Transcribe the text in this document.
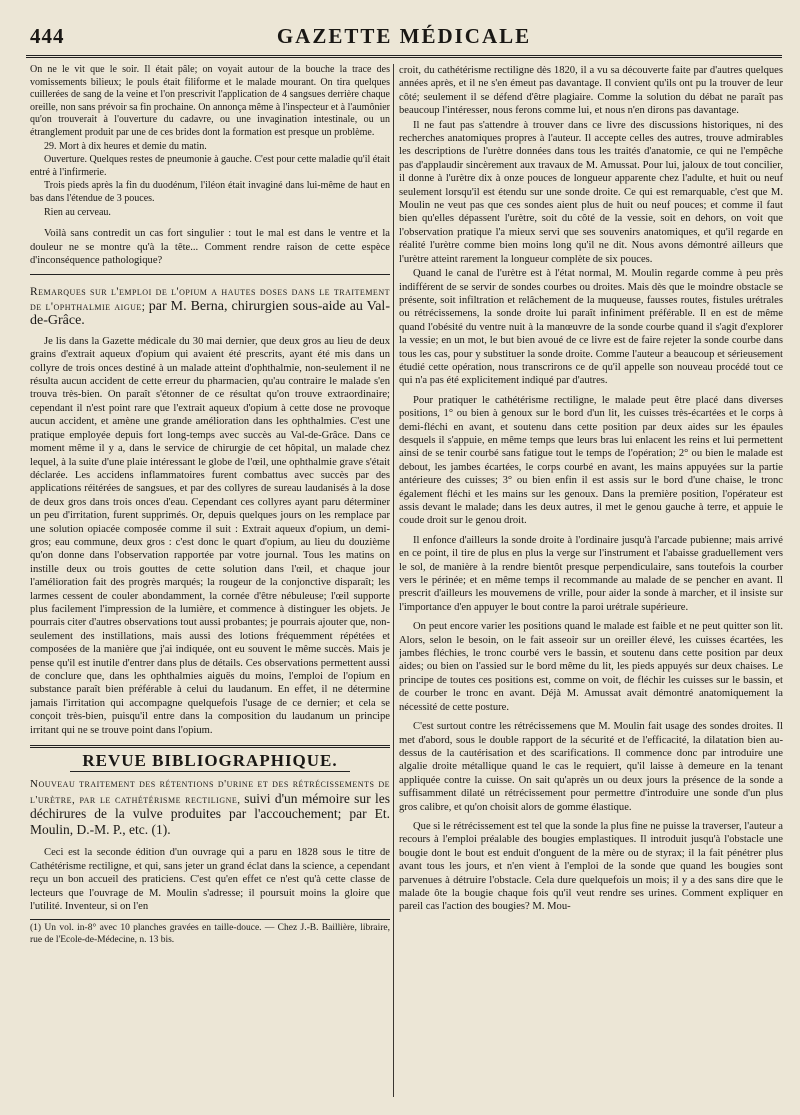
444	GAZETTE MÉDICALE

On ne le vit que le soir. Il était pâle; on voyait autour de la bouche la trace des vomissements bilieux; le pouls était filiforme et le malade mourant. On tira quelques cuillerées de sang de la veine et l'on prescrivit l'application de 4 sangsues derrière chaque oreille, non sans prévoir sa fin prochaine. On annonça même à l'inspecteur et à l'aumônier qu'on trouverait à l'ouverture du cadavre, ou une invagination intestinale, ou un étranglement produit par une de ces brides dont la formation est presque un problème.

29. Mort à dix heures et demie du matin.

Ouverture. Quelques restes de pneumonie à gauche. C'est pour cette maladie qu'il était entré à l'infirmerie.

Trois pieds après la fin du duodénum, l'iléon était invaginé dans lui-même de haut en bas dans l'étendue de 3 pouces.

Rien au cerveau.

Voilà sans contredit un cas fort singulier : tout le mal est dans le ventre et la douleur ne se montre qu'à la tête... Comment rendre raison de cette espèce d'inconséquence pathologique?

Remarques sur l'emploi de l'opium a hautes doses dans le traitement de l'ophthalmie aigue; par M. Berna, chirurgien sous-aide au Val-de-Grâce.

Je lis dans la Gazette médicale du 30 mai dernier, que deux gros au lieu de deux grains d'extrait aqueux d'opium qui avaient été prescrits, ayant été mis dans un collyre de trois onces destiné à un malade atteint d'ophthalmie, non-seulement il ne résulta aucun accident de cette erreur du pharmacien, qu'au contraire le malade s'en trouva très-bien. On paraît s'étonner de ce résultat qu'on trouve extraordinaire; cependant il n'est point rare que l'extrait aqueux d'opium à cette dose ne provoque aucun accident, et amène une grande amélioration dans les ophthalmies. C'est une pratique employée depuis fort long-temps avec succès au Val-de-Grâce. Dans ce moment même il y a, dans le service de chirurgie de cet hôpital, un malade chez lequel, à la suite d'une plaie intéressant le globe de l'œil, une ophthalmie grave s'était déclarée. Les accidens inflammatoires furent combattus avec succès par des applications réitérées de sangsues, et par des collyres de sureau laudanisés à la dose de deux gros dans trois onces d'eau. Cependant ces collyres ayant paru déterminer un peu d'irritation, furent supprimés. Or, depuis quelques jours on les remplace par une solution opiacée composée comme il suit : Extrait aqueux d'opium, un demi-gros; eau commune, deux gros : c'est donc le quart d'opium, au lieu du douzième qu'on donne dans l'observation rapportée par votre journal. Tous les matins on instille deux ou trois gouttes de cette solution dans l'œil, et chaque jour l'amélioration fait des progrès marqués; la rougeur de la conjonctive disparaît; les larmes cessent de couler abondamment, la cornée d'être nébuleuse; l'œil supporte plus facilement l'impression de la lumière, et commence à distinguer les objets. Je pourrais citer d'autres observations tout aussi probantes; je pourrais ajouter que, non-seulement des instillations, mais aussi des lotions fréquemment répétées et composées de la manière que j'ai indiquée, ont eu souvent le même succès. Mais je pense qu'il est inutile d'entrer dans plus de détails. Ces observations permettent aussi de conclure que, dans les ophthalmies aiguës du moins, l'emploi de l'opium en substance paraît bien préférable à celui du laudanum. En effet, il ne détermine jamais l'irritation qui accompagne quelquefois l'usage de ce dernier; et cela se conçoit très-bien, puisqu'il entre dans la composition du laudanum un principe irritant qui ne se trouve point dans l'opium.

REVUE BIBLIOGRAPHIQUE.
Nouveau traitement des rétentions d'urine et des rétrécissements de l'urètre, par le cathétérisme rectiligne, suivi d'un mémoire sur les déchirures de la vulve produites par l'accouchement; par Et. Moulin, D.-M. P., etc. (1).

Ceci est la seconde édition d'un ouvrage qui a paru en 1828 sous le titre de Cathétérisme rectiligne, et qui, sans jeter un grand éclat dans la science, a cependant reçu un bon accueil des praticiens. C'est qu'en effet ce n'est qu'à cette classe de lecteurs que l'ouvrage de M. Moulin s'adresse; il poursuit moins la gloire que l'utilité. Inventeur, si on l'en

(1) Un vol. in-8° avec 10 planches gravées en taille-douce. — Chez J.-B. Baillière, libraire, rue de l'Ecole-de-Médecine, n. 13 bis.

croit, du cathétérisme rectiligne dès 1820, il a vu sa découverte faite par d'autres quelques années après, et il ne s'en émeut pas davantage. Il convient qu'ils ont pu la trouver de leur côté; seulement il se défend d'être plagiaire. Comme la solution du débat ne paraît pas beaucoup l'intéresser, nous ferons comme lui, et nous n'en dirons pas davantage.

Il ne faut pas s'attendre à trouver dans ce livre des discussions historiques, ni des recherches anatomiques propres à l'auteur. Il accepte celles des autres, trouve admirables les descriptions de l'urètre données dans tous les traités d'anatomie, ce qui ne l'empêche pas d'applaudir sincèrement aux travaux de M. Amussat. Pour lui, jaloux de tout concilier, il donne à l'urètre dix à onze pouces de longueur apparente chez l'adulte, et huit ou neuf seulement lorsqu'il est étendu sur une sonde droite. Ce qui est remarquable, c'est que M. Moulin ne veut pas que ces sondes aient plus de huit ou neuf pouces; et comme il faut bien qu'elles dépassent l'urètre, soit du côté de la vessie, soit en dehors, on voit que l'observation pratique l'a mieux servi que ses souvenirs anatomiques, et qu'il regarde en réalité l'urètre comme bien moins long qu'il ne dit. Nous avons démontré ailleurs que l'urètre atteint rarement la longueur complète de six pouces.

Quand le canal de l'urètre est à l'état normal, M. Moulin regarde comme à peu près indifférent de se servir de sondes courbes ou droites. Mais dès que le moindre obstacle se présente, soit infiltration et relâchement de la muqueuse, fausses routes, fistules urétrales ou rétrécissemens, la sonde droite lui paraît infiniment préférable. Il en est de même quand l'obésité du ventre nuit à la manœuvre de la sonde courbe quand il s'agit d'explorer la vessie; en un mot, le but bien avoué de ce livre est de faire rejeter la sonde courbe dans tous les cas, pour y substituer la sonde droite. Comme l'auteur a beaucoup et sérieusement étudié cette opération, nous transcrirons ce de qu'il appelle son nouveau procédé tout ce qui n'a pas été explicitement indiqué par d'autres.

Pour pratiquer le cathétérisme rectiligne, le malade peut être placé dans diverses positions, 1° ou bien à genoux sur le bord d'un lit, les cuisses très-écartées et le corps à demi-fléchi en avant, et soutenu dans cette position par deux aides sur les épaules desquels il s'appuie, en même temps que leurs bras lui enlacent les reins et lui permettent ainsi de se tenir courbé sans fatigue tout le temps de l'opération; 2° ou bien le malade est debout, les jambes écartées, le corps courbé en avant, les mains appuyées sur la partie antérieure des cuisses; 3° ou bien enfin il est assis sur le bord d'une chaise, le tronc également fléchi et les mains sur les genoux. Dans la première position, l'opérateur est assis devant le malade; dans les deux autres, il met le genou gauche à terre, et appuie le coude droit sur le genou droit.

Il enfonce d'ailleurs la sonde droite à l'ordinaire jusqu'à l'arcade pubienne; mais arrivé en ce point, il tire de plus en plus la verge sur l'instrument et l'abaisse graduellement vers le sol, de manière à la rendre bientôt presque perpendiculaire, sans toutefois la courber vers le périnée; et en même temps il recommande au malade de se pencher en avant. Il prescrit d'ailleurs les mouvemens de vrille, pour aider la sonde à marcher, et il insiste sur l'importance d'en appuyer le bout contre la paroi urétrale supérieure.

On peut encore varier les positions quand le malade est faible et ne peut quitter son lit. Alors, selon le besoin, on le fait asseoir sur un oreiller élevé, les cuisses écartées, les jambes fléchies, le tronc courbé vers le bassin, et soutenu dans cette position par deux aides; ou bien on l'assied sur le bord même du lit, les pieds appuyés sur deux chaises. Le principe de toutes ces positions est, comme on voit, de fléchir les cuisses sur le bassin, et de courber le tronc en avant. Déjà M. Amussat avait démontré anatomiquement la nécessité de cette posture.

C'est surtout contre les rétrécissemens que M. Moulin fait usage des sondes droites. Il met d'abord, sous le double rapport de la sécurité et de l'efficacité, la dilatation bien au-dessus de la cautérisation et des scarifications. Il commence donc par introduire une algalie droite métallique quand le cas le requiert, qu'il laisse à demeure en la tenant appliquée contre la cuisse. On sait qu'après un ou deux jours la présence de la sonde a suffisamment dilaté un rétrécissement pour permettre d'introduire une sonde d'un plus gros calibre, et qu'on choisit alors de gomme élastique.

Que si le rétrécissement est tel que la sonde la plus fine ne puisse la traverser, l'auteur a recours à l'emploi préalable des bougies emplastiques. Il introduit jusqu'à l'obstacle une bougie dont le bout est enduit d'onguent de la mère ou de styrax; il la fait pénétrer plus avant tous les jours, et n'en vient à l'emploi de la sonde que quand les bougies sont parvenues à détruire l'obstacle. Cela dure quelquefois un mois; il y a des sans dire que le malade ôte la bougie chaque fois qu'il veut rendre ses urines. Comment expliquer en pareil cas l'action des bougies? M. Mou-
